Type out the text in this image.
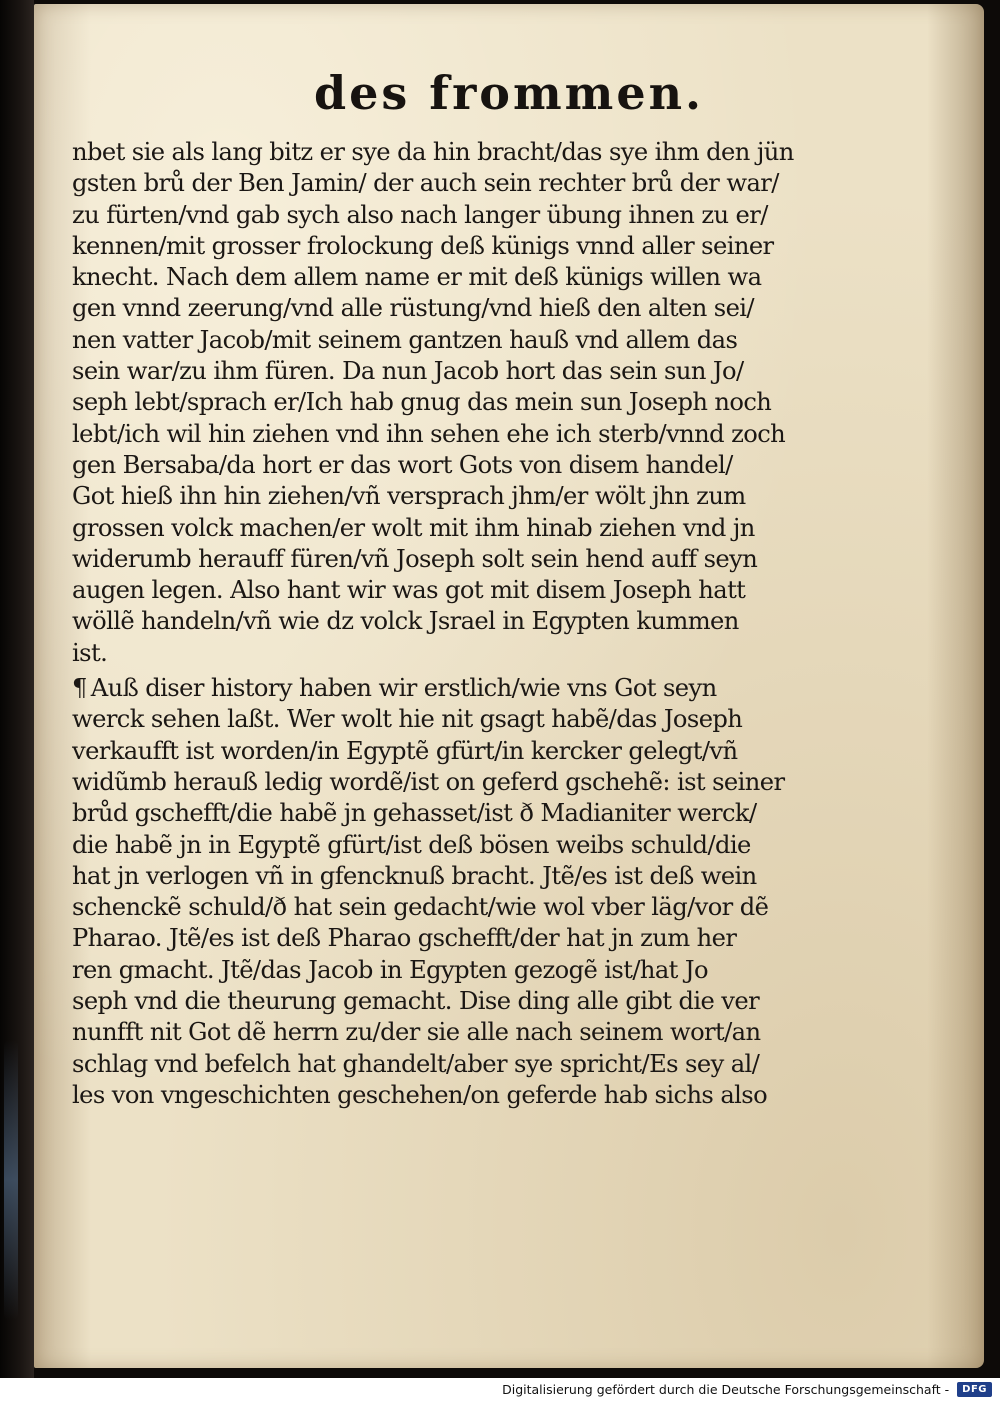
des frommen.
nbet sie als lang bitz er sye da hin bracht/das sye ihm den jün
gsten brů der Ben Jamin/ der auch sein rechter brů der war/
zu fürten/vnd gab sych also nach langer übung ihnen zu er/
kennen/mit grosser frolockung deß künigs vnnd aller seiner
knecht. Nach dem allem name er mit deß künigs willen wa
gen vnnd zeerung/vnd alle rüstung/vnd hieß den alten sei/
nen vatter Jacob/mit seinem gantzen hauß vnd allem das
sein war/zu ihm füren. Da nun Jacob hort das sein sun Jo/
seph lebt/sprach er/Ich hab gnug das mein sun Joseph noch
lebt/ich wil hin ziehen vnd ihn sehen ehe ich sterb/vnnd zoch
gen Bersaba/da hort er das wort Gots von disem handel/
Got hieß ihn hin ziehen/vñ versprach jhm/er wölt jhn zum
grossen volck machen/er wolt mit ihm hinab ziehen vnd jn
widerumb herauff füren/vñ Joseph solt sein hend auff seyn
augen legen. Also hant wir was got mit disem Joseph hatt
wöllẽ handeln/vñ wie dz volck Jsrael in Egypten kummen
ist.
¶ Auß diser history haben wir erstlich/wie vns Got seyn
werck sehen laßt. Wer wolt hie nit gsagt habẽ/das Joseph
verkaufft ist worden/in Egyptẽ gfürt/in kercker gelegt/vñ
widũmb herauß ledig wordẽ/ist on geferd gschehẽ: ist seiner
brůd gschefft/die habẽ jn gehasset/ist ð Madianiter werck/
die habẽ jn in Egyptẽ gfürt/ist deß bösen weibs schuld/die
hat jn verlogen vñ in gfencknuß bracht. Jtẽ/es ist deß wein
schenckẽ schuld/ð hat sein gedacht/wie wol vber läg/vor dẽ
Pharao. Jtẽ/es ist deß Pharao gschefft/der hat jn zum her
ren gmacht. Jtẽ/das Jacob in Egypten gezogẽ ist/hat Jo
seph vnd die theurung gemacht. Dise ding alle gibt die ver
nunfft nit Got dẽ herrn zu/der sie alle nach seinem wort/an
schlag vnd befelch hat ghandelt/aber sye spricht/Es sey al/
les von vngeschichten geschehen/on geferde hab sichs also
Digitalisierung gefördert durch die Deutsche Forschungsgemeinschaft -	DFG
